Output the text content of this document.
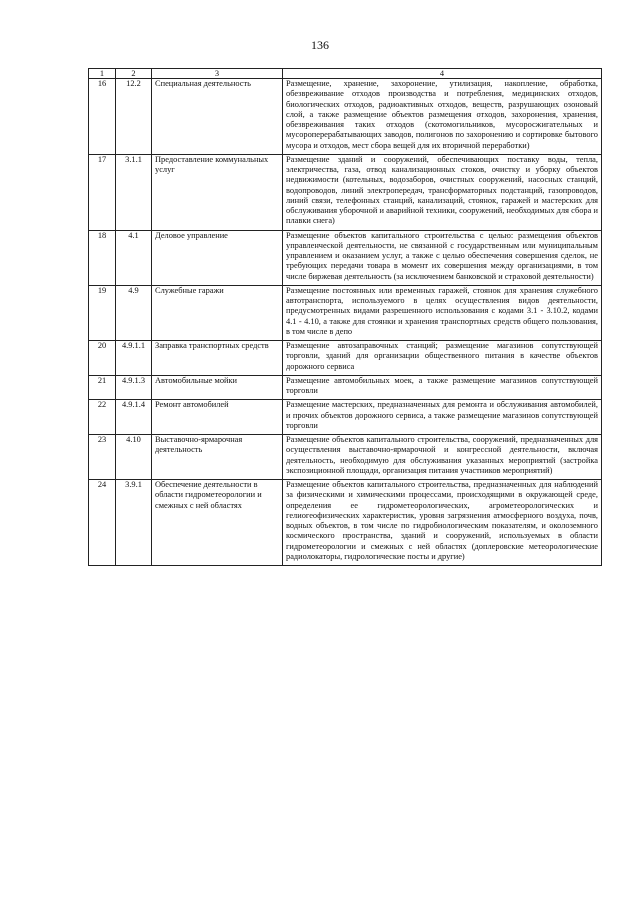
136
1	2	3	4
16	12.2	Специальная деятельность	Размещение, хранение, захоронение, утилизация, накопление, обработка, обезвреживание отходов производства и потребления, медицинских отходов, биологических отходов, радиоактивных отходов, веществ, разрушающих озоновый слой, а также размещение объектов размещения отходов, захоронения, хранения, обезвреживания таких отходов (скотомогильников, мусоросжигательных и мусороперерабатывающих заводов, полигонов по захоронению и сортировке бытового мусора и отходов, мест сбора вещей для их вторичной переработки)
17	3.1.1	Предоставление коммунальных услуг	Размещение зданий и сооружений, обеспечивающих поставку воды, тепла, электричества, газа, отвод канализационных стоков, очистку и уборку объектов недвижимости (котельных, водозаборов, очистных сооружений, насосных станций, водопроводов, линий электропередач, трансформаторных подстанций, газопроводов, линий связи, телефонных станций, канализаций, стоянок, гаражей и мастерских для обслуживания уборочной и аварийной техники, сооружений, необходимых для сбора и плавки снега)
18	4.1	Деловое управление	Размещение объектов капитального строительства с целью: размещения объектов управленческой деятельности, не связанной с государственным или муниципальным управлением и оказанием услуг, а также с целью обеспечения совершения сделок, не требующих передачи товара в момент их совершения между организациями, в том числе биржевая деятельность (за исключением банковской и страховой деятельности)
19	4.9	Служебные гаражи	Размещение постоянных или временных гаражей, стоянок для хранения служебного автотранспорта, используемого в целях осуществления видов деятельности, предусмотренных видами разрешенного использования с кодами 3.1 - 3.10.2, кодами 4.1 - 4.10, а также для стоянки и хранения транспортных средств общего пользования, в том числе в депо
20	4.9.1.1	Заправка транспортных средств	Размещение автозаправочных станций; размещение магазинов сопутствующей торговли, зданий для организации общественного питания в качестве объектов дорожного сервиса
21	4.9.1.3	Автомобильные мойки	Размещение автомобильных моек, а также размещение магазинов сопутствующей торговли
22	4.9.1.4	Ремонт автомобилей	Размещение мастерских, предназначенных для ремонта и обслуживания автомобилей, и прочих объектов дорожного сервиса, а также размещение магазинов сопутствующей торговли
23	4.10	Выставочно-ярмарочная деятельность	Размещение объектов капитального строительства, сооружений, предназначенных для осуществления выставочно-ярмарочной и конгрессной деятельности, включая деятельность, необходимую для обслуживания указанных мероприятий (застройка экспозиционной площади, организация питания участников мероприятий)
24	3.9.1	Обеспечение деятельности в области гидрометеорологии и смежных с ней областях	Размещение объектов капитального строительства, предназначенных для наблюдений за физическими и химическими процессами, происходящими в окружающей среде, определения ее гидрометеорологических, агрометеорологических и гелиогеофизических характеристик, уровня загрязнения атмосферного воздуха, почв, водных объектов, в том числе по гидробиологическим показателям, и околоземного космического пространства, зданий и сооружений, используемых в области гидрометеорологии и смежных с ней областях (доплеровские метеорологические радиолокаторы, гидрологические посты и другие)
